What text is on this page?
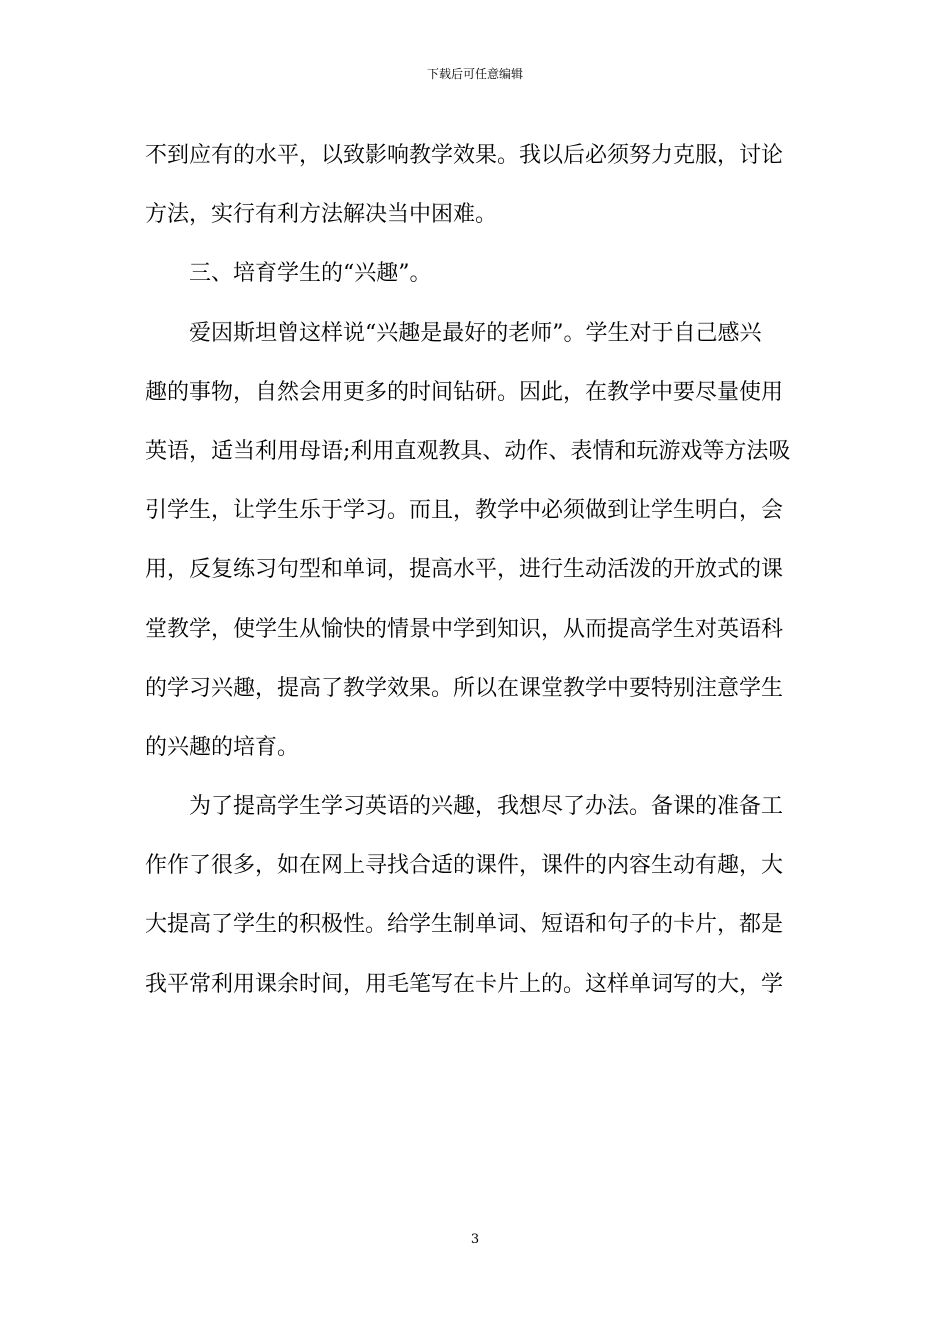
下载后可任意编辑
不到应有的水平，以致影响教学效果。我以后必须努力克服，讨论
方法，实行有利方法解决当中困难。
三、培育学生的“兴趣”。
爱因斯坦曾这样说“兴趣是最好的老师”。学生对于自己感兴
趣的事物，自然会用更多的时间钻研。因此，在教学中要尽量使用
英语，适当利用母语;利用直观教具、动作、表情和玩游戏等方法吸
引学生，让学生乐于学习。而且，教学中必须做到让学生明白，会
用，反复练习句型和单词，提高水平，进行生动活泼的开放式的课
堂教学，使学生从愉快的情景中学到知识，从而提高学生对英语科
的学习兴趣，提高了教学效果。所以在课堂教学中要特别注意学生
的兴趣的培育。
为了提高学生学习英语的兴趣，我想尽了办法。备课的准备工
作作了很多，如在网上寻找合适的课件，课件的内容生动有趣，大
大提高了学生的积极性。给学生制单词、短语和句子的卡片，都是
我平常利用课余时间，用毛笔写在卡片上的。这样单词写的大，学
3
